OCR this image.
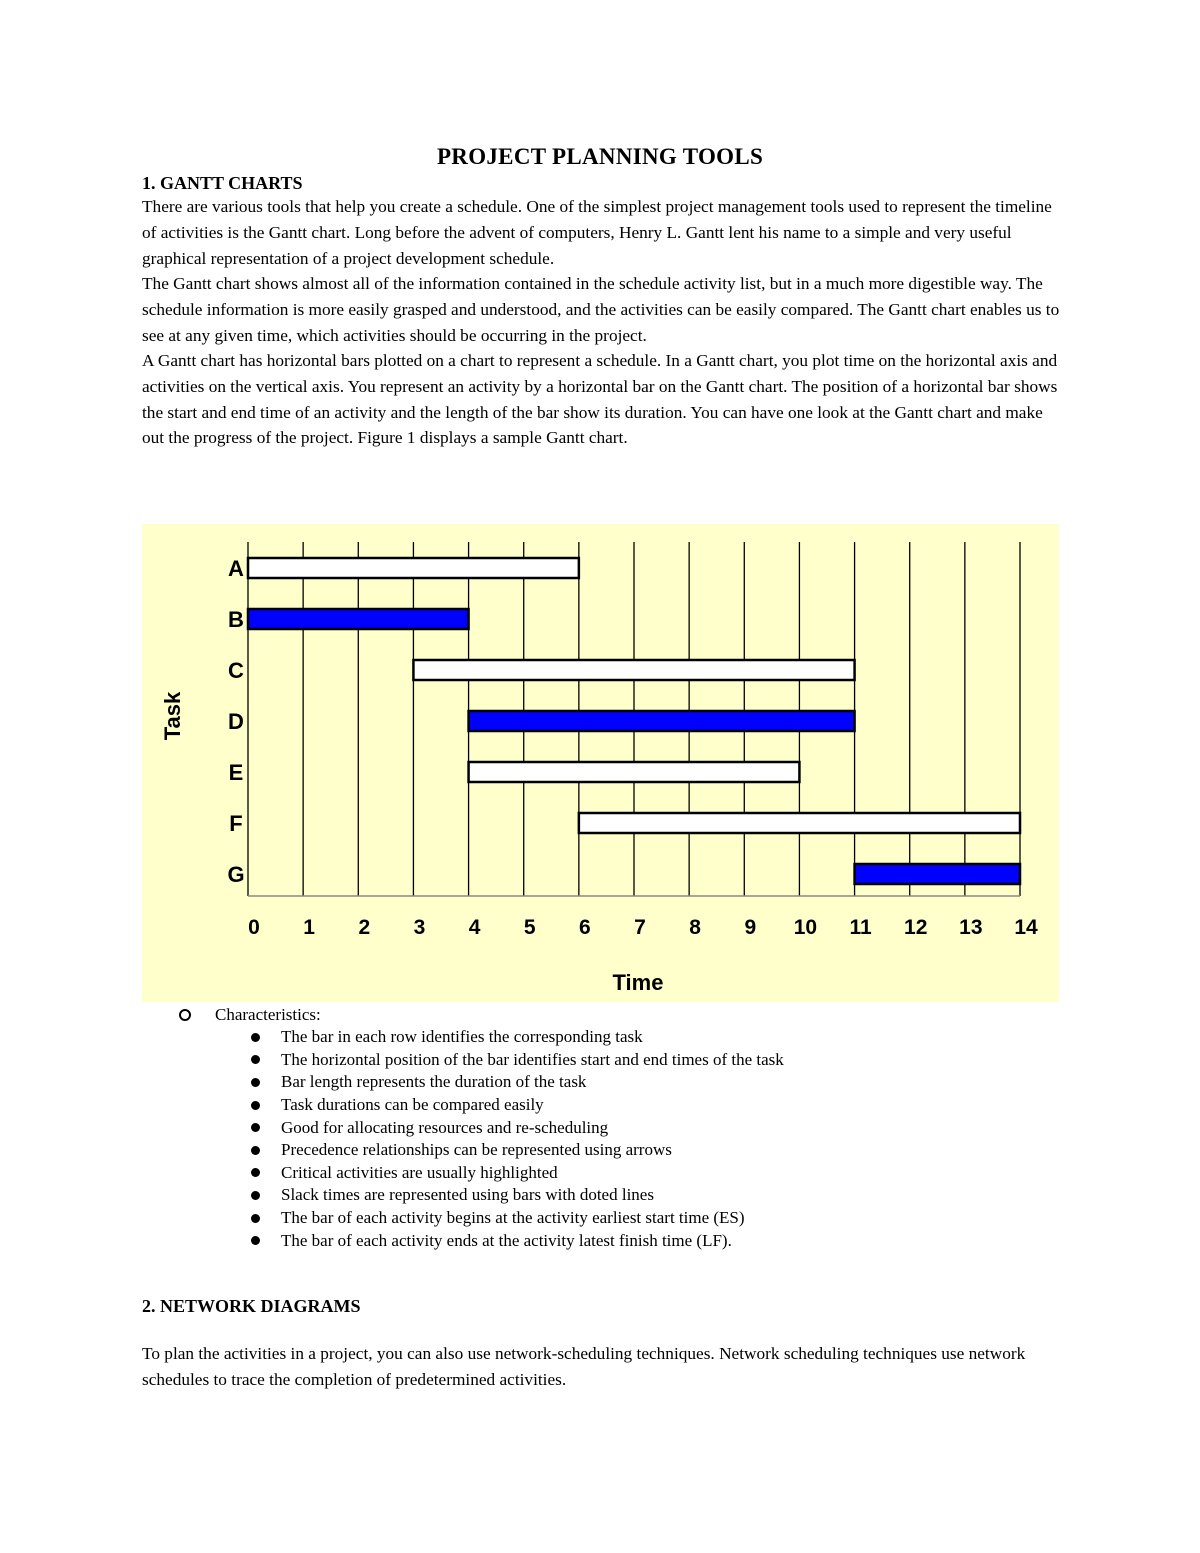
PROJECT PLANNING TOOLS
1. GANTT CHARTS

There are various tools that help you create a schedule. One of the simplest project management tools used to represent the timeline of activities is the Gantt chart. Long before the advent of computers, Henry L. Gantt lent his name to a simple and very useful graphical representation of a project development schedule.

The Gantt chart shows almost all of the information contained in the schedule activity list, but in a much more digestible way. The schedule information is more easily grasped and understood, and the activities can be easily compared. The Gantt chart enables us to see at any given time, which activities should be occurring in the project.

A Gantt chart has horizontal bars plotted on a chart to represent a schedule. In a Gantt chart, you plot time on the horizontal axis and activities on the vertical axis. You represent an activity by a horizontal bar on the Gantt chart. The position of a horizontal bar shows the start and end time of an activity and the length of the bar show its duration. You can have one look at the Gantt chart and make out the progress of the project. Figure 1 displays a sample Gantt chart.

0 1 2 3 4 5 6 7 8 9 10 11 12 13 14
A
B
C
D
E
F
G
Time
Task
Characteristics:
The bar in each row identifies the corresponding task
The horizontal position of the bar identifies start and end times of the task
Bar length represents the duration of the task
Task durations can be compared easily
Good for allocating resources and re-scheduling
Precedence relationships can be represented using arrows
Critical activities are usually highlighted
Slack times are represented using bars with doted lines
The bar of each activity begins at the activity earliest start time (ES)
The bar of each activity ends at the activity latest finish time (LF).
2. NETWORK DIAGRAMS

To plan the activities in a project, you can also use network-scheduling techniques. Network scheduling techniques use network schedules to trace the completion of predetermined activities.
